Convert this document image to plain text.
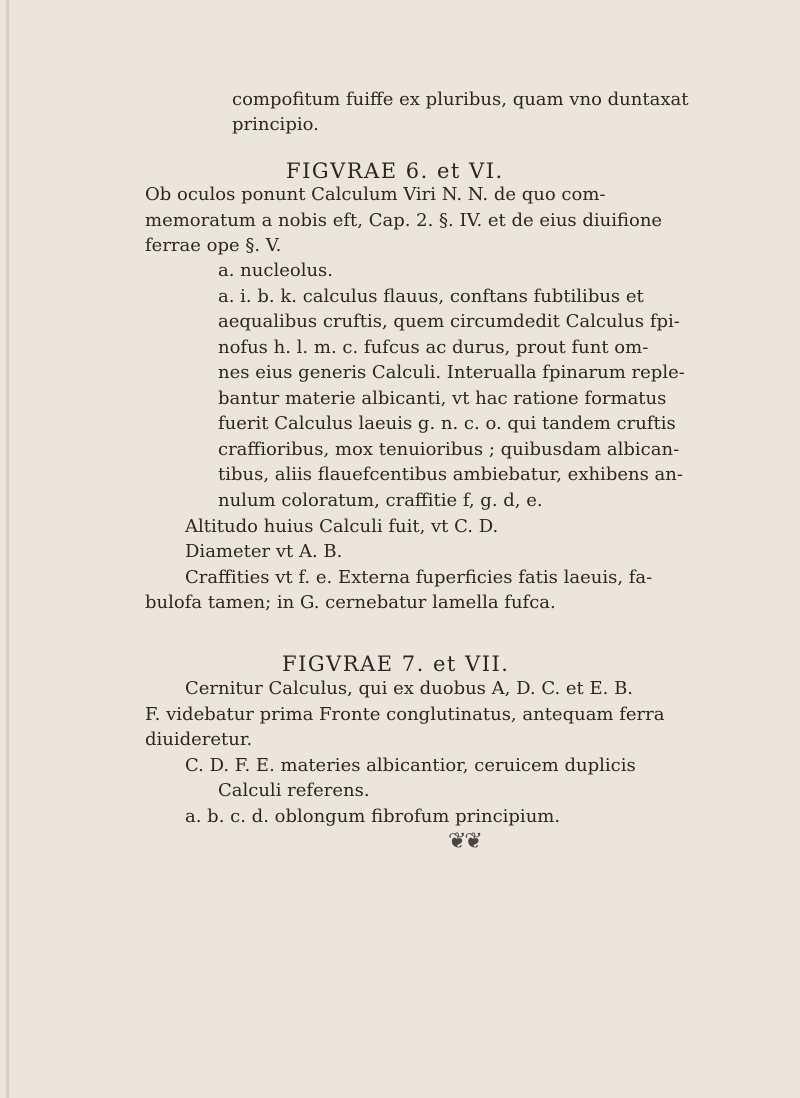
compofitum fuiffe ex pluribus, quam vno duntaxat
principio.
FIGVRAE 6. et VI.
Ob oculos ponunt Calculum Viri N. N. de quo com-
memoratum a nobis eft, Cap. 2. §. IV. et de eius diuifione
ferrae ope §. V.
a. nucleolus.
a. i. b. k. calculus flauus, conftans fubtilibus et
aequalibus cruftis, quem circumdedit Calculus fpi-
nofus h. l. m. c. fufcus ac durus, prout funt om-
nes eius generis Calculi. Interualla fpinarum reple-
bantur materie albicanti, vt hac ratione formatus
fuerit Calculus laeuis g. n. c. o. qui tandem cruftis
craffioribus, mox tenuioribus ; quibusdam albican-
tibus, aliis flauefcentibus ambiebatur, exhibens an-
nulum coloratum, craffitie f, g. d, e.
Altitudo huius Calculi fuit, vt C. D.
Diameter vt A. B.
Craffities vt f. e. Externa fuperficies fatis laeuis, fa-
bulofa tamen; in G. cernebatur lamella fufca.
FIGVRAE 7. et VII.
Cernitur Calculus, qui ex duobus A, D. C. et E. B.
F. videbatur prima Fronte conglutinatus, antequam ferra
diuideretur.
C. D. F. E. materies albicantior, ceruicem duplicis
Calculi referens.
a. b. c. d. oblongum fibrofum principium.
❦❦
